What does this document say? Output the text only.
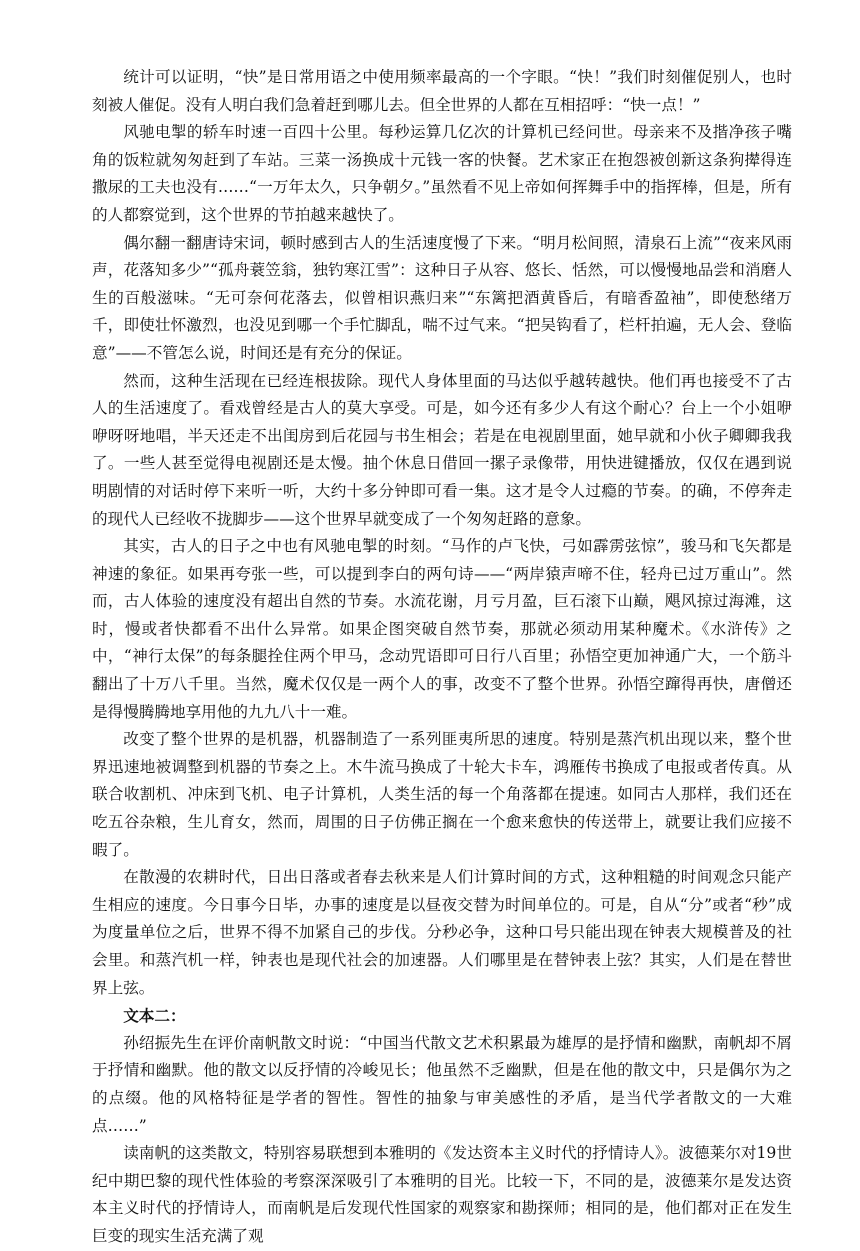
统计可以证明，“快”是日常用语之中使用频率最高的一个字眼。“快！”我们时刻催促别人，也时刻被人催促。没有人明白我们急着赶到哪儿去。但全世界的人都在互相招呼：“快一点！”

风驰电掣的轿车时速一百四十公里。每秒运算几亿次的计算机已经问世。母亲来不及揩净孩子嘴角的饭粒就匆匆赶到了车站。三菜一汤换成十元钱一客的快餐。艺术家正在抱怨被创新这条狗撵得连撒尿的工夫也没有……“一万年太久，只争朝夕。”虽然看不见上帝如何挥舞手中的指挥棒，但是，所有的人都察觉到，这个世界的节拍越来越快了。

偶尔翻一翻唐诗宋词，顿时感到古人的生活速度慢了下来。“明月松间照，清泉石上流”“夜来风雨声，花落知多少”“孤舟蓑笠翁，独钓寒江雪”：这种日子从容、悠长、恬然，可以慢慢地品尝和消磨人生的百般滋味。“无可奈何花落去，似曾相识燕归来”“东篱把酒黄昏后，有暗香盈袖”，即使愁绪万千，即使壮怀激烈，也没见到哪一个手忙脚乱，喘不过气来。“把吴钩看了，栏杆拍遍，无人会、登临意”——不管怎么说，时间还是有充分的保证。

然而，这种生活现在已经连根拔除。现代人身体里面的马达似乎越转越快。他们再也接受不了古人的生活速度了。看戏曾经是古人的莫大享受。可是，如今还有多少人有这个耐心？台上一个小姐咿咿呀呀地唱，半天还走不出闺房到后花园与书生相会；若是在电视剧里面，她早就和小伙子卿卿我我了。一些人甚至觉得电视剧还是太慢。抽个休息日借回一摞子录像带，用快进键播放，仅仅在遇到说明剧情的对话时停下来听一听，大约十多分钟即可看一集。这才是令人过瘾的节奏。的确，不停奔走的现代人已经收不拢脚步——这个世界早就变成了一个匆匆赶路的意象。

其实，古人的日子之中也有风驰电掣的时刻。“马作的卢飞快，弓如霹雳弦惊”，骏马和飞矢都是神速的象征。如果再夸张一些，可以提到李白的两句诗——“两岸猿声啼不住，轻舟已过万重山”。然而，古人体验的速度没有超出自然的节奏。水流花谢，月亏月盈，巨石滚下山巅，飓风掠过海滩，这时，慢或者快都看不出什么异常。如果企图突破自然节奏，那就必须动用某种魔术。《水浒传》之中，“神行太保”的每条腿拴住两个甲马，念动咒语即可日行八百里；孙悟空更加神通广大，一个筋斗翻出了十万八千里。当然，魔术仅仅是一两个人的事，改变不了整个世界。孙悟空蹿得再快，唐僧还是得慢腾腾地享用他的九九八十一难。

改变了整个世界的是机器，机器制造了一系列匪夷所思的速度。特别是蒸汽机出现以来，整个世界迅速地被调整到机器的节奏之上。木牛流马换成了十轮大卡车，鸿雁传书换成了电报或者传真。从联合收割机、冲床到飞机、电子计算机，人类生活的每一个角落都在提速。如同古人那样，我们还在吃五谷杂粮，生儿育女，然而，周围的日子仿佛正搁在一个愈来愈快的传送带上，就要让我们应接不暇了。

在散漫的农耕时代，日出日落或者春去秋来是人们计算时间的方式，这种粗糙的时间观念只能产生相应的速度。今日事今日毕，办事的速度是以昼夜交替为时间单位的。可是，自从“分”或者“秒”成为度量单位之后，世界不得不加紧自己的步伐。分秒必争，这种口号只能出现在钟表大规模普及的社会里。和蒸汽机一样，钟表也是现代社会的加速器。人们哪里是在替钟表上弦？其实，人们是在替世界上弦。

文本二：

孙绍振先生在评价南帆散文时说：“中国当代散文艺术积累最为雄厚的是抒情和幽默，南帆却不屑于抒情和幽默。他的散文以反抒情的冷峻见长；他虽然不乏幽默，但是在他的散文中，只是偶尔为之的点缀。他的风格特征是学者的智性。智性的抽象与审美感性的矛盾，是当代学者散文的一大难点……”

读南帆的这类散文，特别容易联想到本雅明的《发达资本主义时代的抒情诗人》。波德莱尔对19世纪中期巴黎的现代性体验的考察深深吸引了本雅明的目光。比较一下，不同的是，波德莱尔是发达资本主义时代的抒情诗人，而南帆是后发现代性国家的观察家和勘探师；相同的是，他们都对正在发生巨变的现实生活充满了观
